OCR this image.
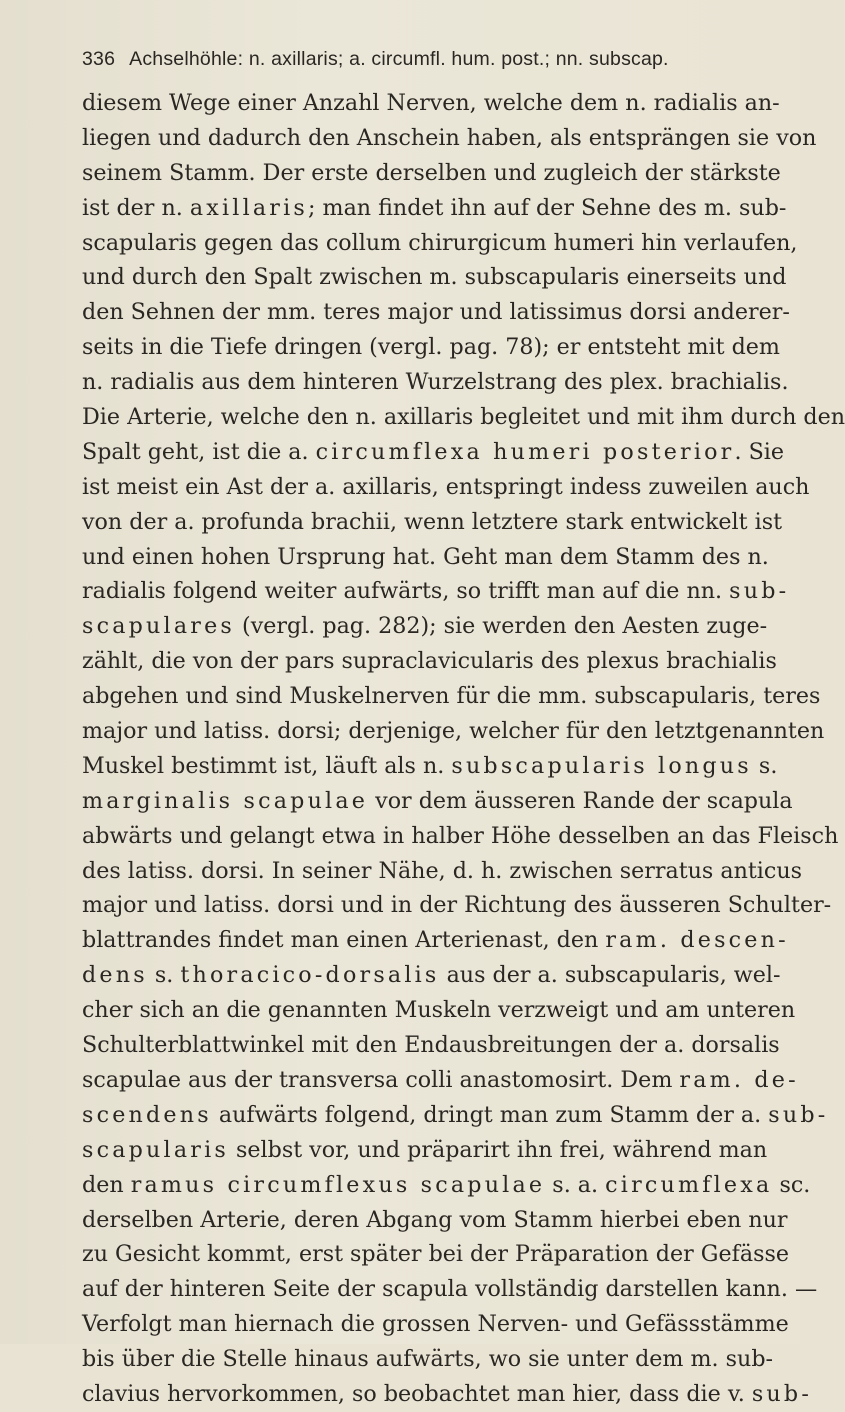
336 Achselhöhle: n. axillaris; a. circumfl. hum. post.; nn. subscap.
diesem Wege einer Anzahl Nerven, welche dem n. radialis an-
liegen und dadurch den Anschein haben, als entsprängen sie von
seinem Stamm. Der erste derselben und zugleich der stärkste
ist der n. axillaris; man findet ihn auf der Sehne des m. sub-
scapularis gegen das collum chirurgicum humeri hin verlaufen,
und durch den Spalt zwischen m. subscapularis einerseits und
den Sehnen der mm. teres major und latissimus dorsi anderer-
seits in die Tiefe dringen (vergl. pag. 78); er entsteht mit dem
n. radialis aus dem hinteren Wurzelstrang des plex. brachialis.
Die Arterie, welche den n. axillaris begleitet und mit ihm durch den
Spalt geht, ist die a. circumflexa humeri posterior. Sie
ist meist ein Ast der a. axillaris, entspringt indess zuweilen auch
von der a. profunda brachii, wenn letztere stark entwickelt ist
und einen hohen Ursprung hat. Geht man dem Stamm des n.
radialis folgend weiter aufwärts, so trifft man auf die nn. sub-
scapulares (vergl. pag. 282); sie werden den Aesten zuge-
zählt, die von der pars supraclavicularis des plexus brachialis
abgehen und sind Muskelnerven für die mm. subscapularis, teres
major und latiss. dorsi; derjenige, welcher für den letztgenannten
Muskel bestimmt ist, läuft als n. subscapularis longus s.
marginalis scapulae vor dem äusseren Rande der scapula
abwärts und gelangt etwa in halber Höhe desselben an das Fleisch
des latiss. dorsi. In seiner Nähe, d. h. zwischen serratus anticus
major und latiss. dorsi und in der Richtung des äusseren Schulter-
blattrandes findet man einen Arterienast, den ram. descen-
dens s. thoracico-dorsalis aus der a. subscapularis, wel-
cher sich an die genannten Muskeln verzweigt und am unteren
Schulterblattwinkel mit den Endausbreitungen der a. dorsalis
scapulae aus der transversa colli anastomosirt. Dem ram. de-
scendens aufwärts folgend, dringt man zum Stamm der a. sub-
scapularis selbst vor, und präparirt ihn frei, während man
den ramus circumflexus scapulae s. a. circumflexa sc.
derselben Arterie, deren Abgang vom Stamm hierbei eben nur
zu Gesicht kommt, erst später bei der Präparation der Gefässe
auf der hinteren Seite der scapula vollständig darstellen kann. —
Verfolgt man hiernach die grossen Nerven- und Gefässstämme
bis über die Stelle hinaus aufwärts, wo sie unter dem m. sub-
clavius hervorkommen, so beobachtet man hier, dass die v. sub-
